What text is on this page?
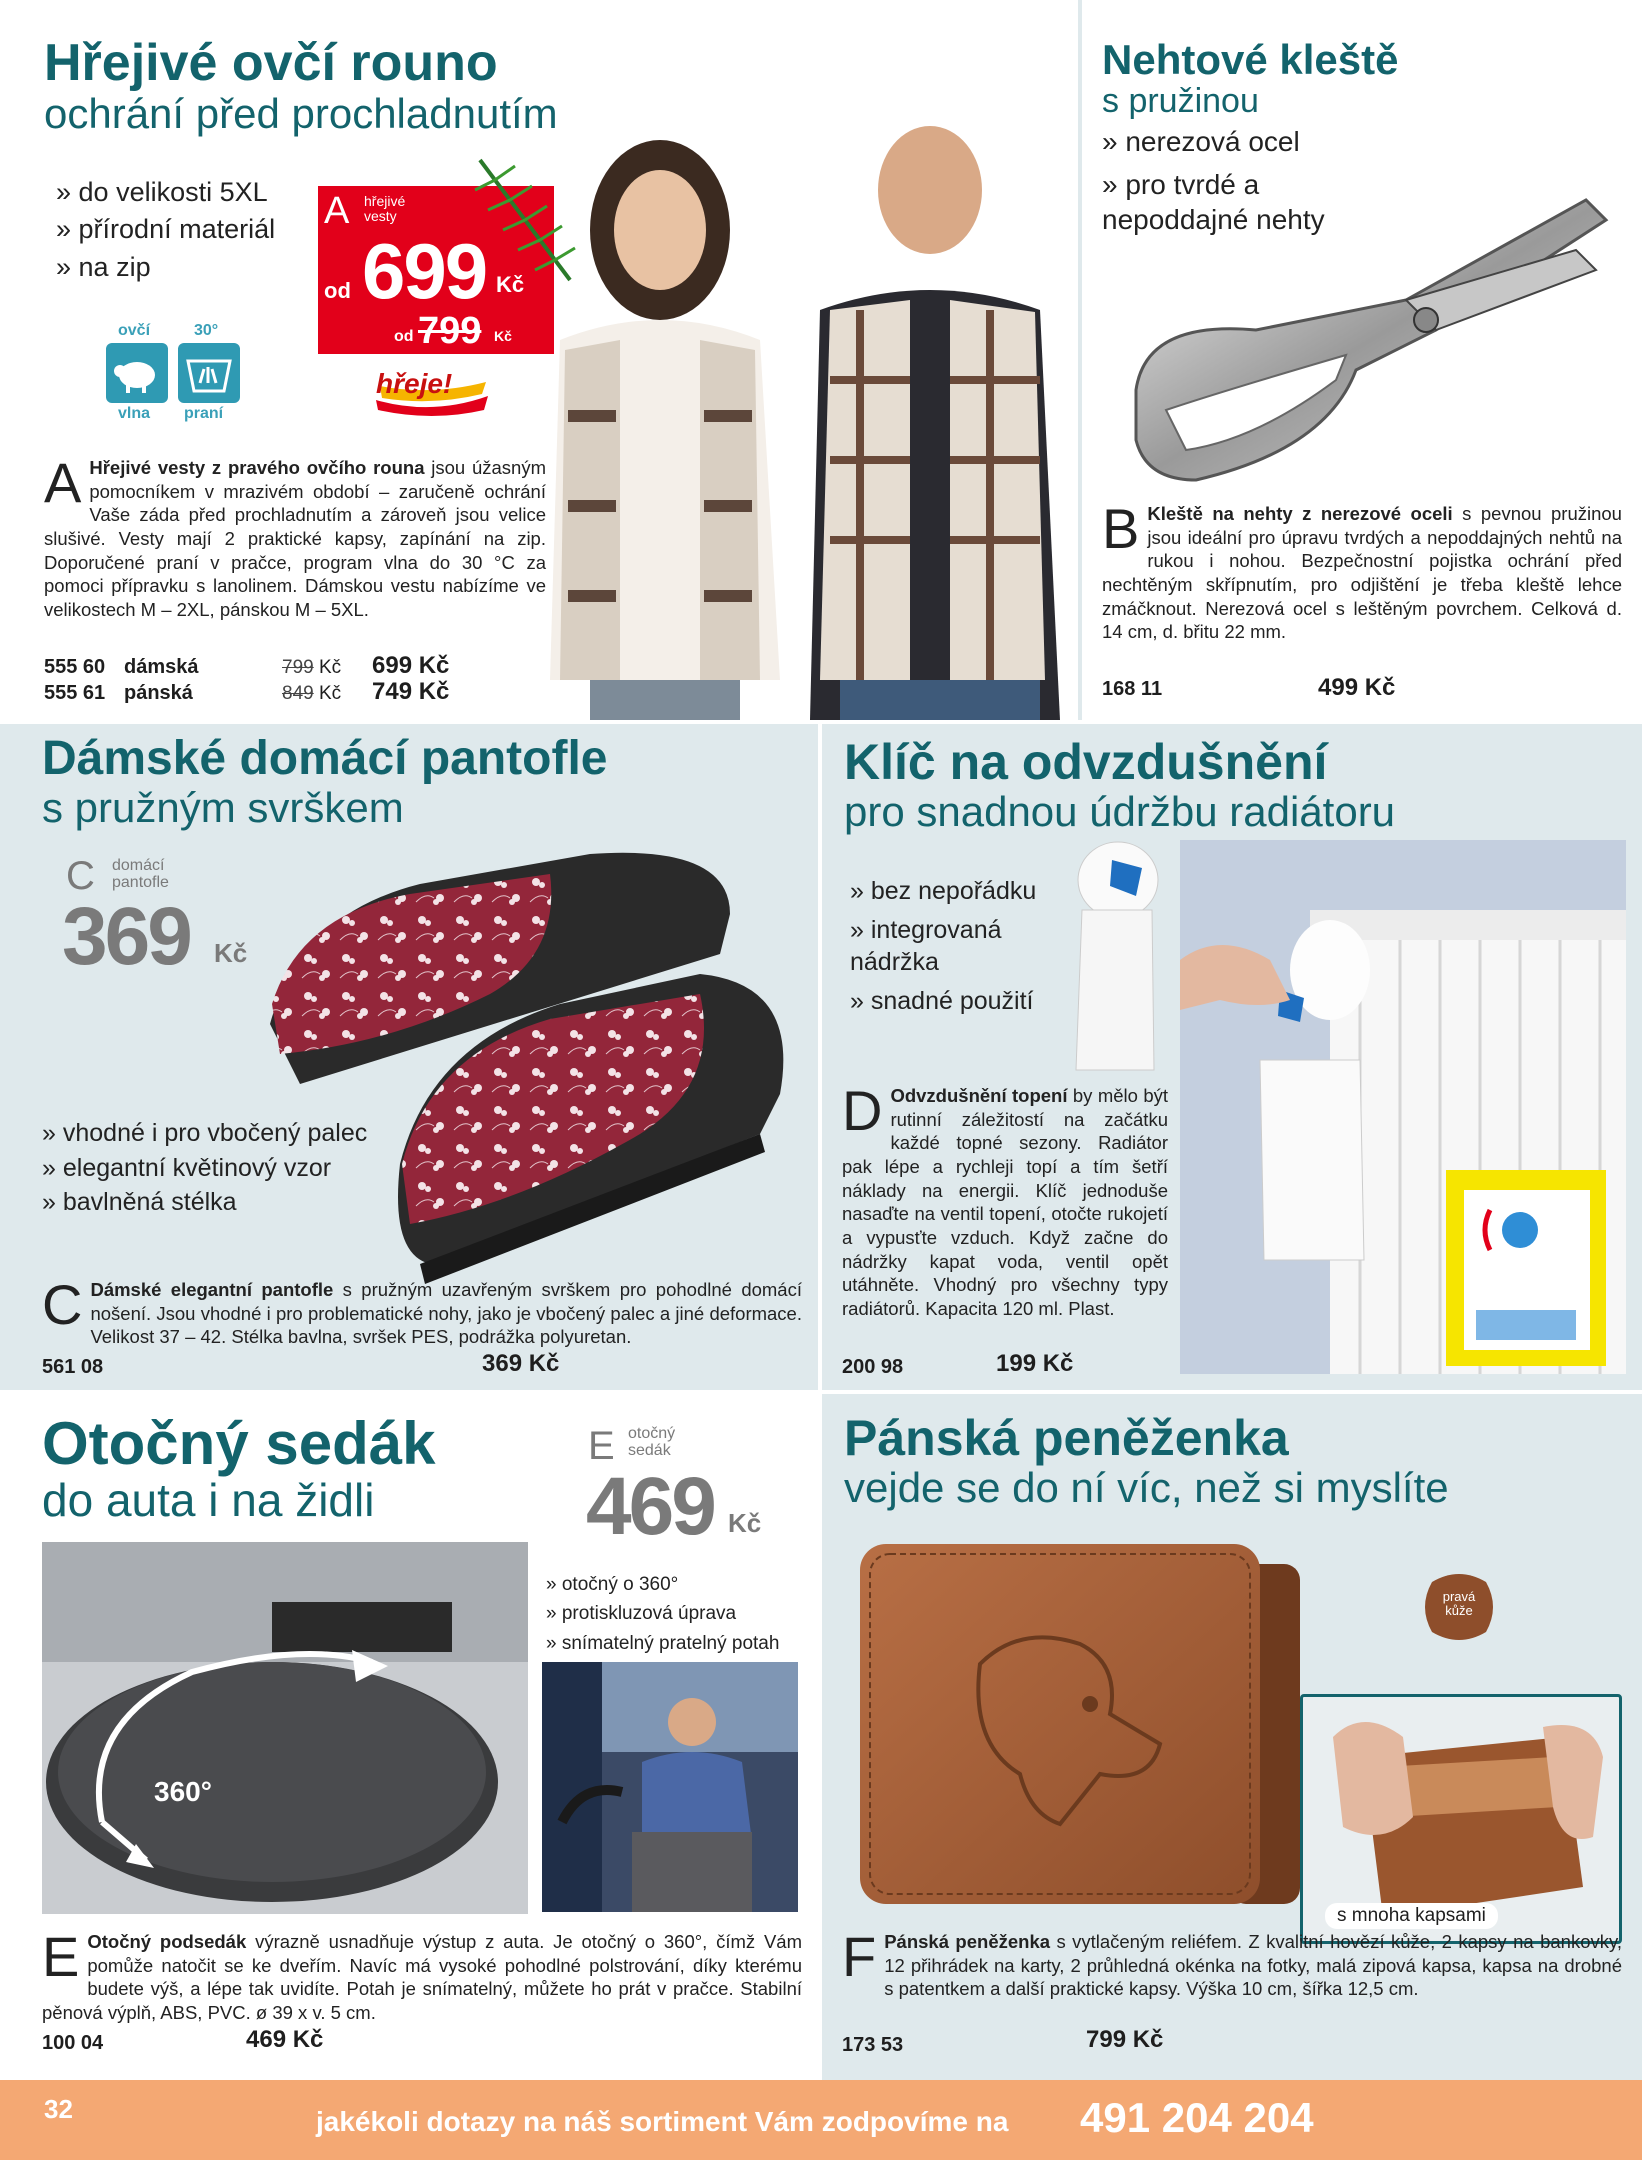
Hřejivé ovčí rouno
ochrání před prochladnutím
» do velikosti 5XL
» přírodní materiál
» na zip
ovčí
vlna
30°
praní
A hřejivé vesty
od 699 Kč
od 799 Kč
hřeje!
A Hřejivé vesty z pravého ovčího rouna jsou úžasným pomocníkem v mrazivém období – zaručeně ochrání Vaše záda před prochladnutím a zároveň jsou velice slušivé. Vesty mají 2 praktické kapsy, zapínání na zip. Doporučené praní v pračce, program vlna do 30 °C za pomoci přípravku s lanolinem. Dámskou vestu nabízíme ve velikostech M – 2XL, pánskou M – 5XL.
555 60 dámská	799 Kč	699 Kč
555 61 pánská	849 Kč	749 Kč
Nehtové kleště
s pružinou
» nerezová ocel
» pro tvrdé a nepoddajné nehty
B Kleště na nehty z nerezové oceli s pevnou pružinou jsou ideální pro úpravu tvrdých a nepoddajných nehtů na rukou i nohou. Bezpečnostní pojistka ochrání před nechtěným skřípnutím, pro odjištění je třeba kleště lehce zmáčknout. Nerezová ocel s leštěným povrchem. Celková d. 14 cm, d. břitu 22 mm.
168 11	499 Kč
Dámské domácí pantofle
s pružným svrškem
C domácí pantofle
369 Kč
» vhodné i pro vbočený palec
» elegantní květinový vzor
» bavlněná stélka
C Dámské elegantní pantofle s pružným uzavřeným svrškem pro pohodlné domácí nošení. Jsou vhodné i pro problematické nohy, jako je vbočený palec a jiné deformace. Velikost 37 – 42. Stélka bavlna, svršek PES, podrážka polyuretan.
561 08	369 Kč
Klíč na odvzdušnění
pro snadnou údržbu radiátoru
» bez nepořádku
» integrovaná nádržka
» snadné použití
D Odvzdušnění topení by mělo být rutinní záležitostí na začátku každé topné sezony. Radiátor pak lépe a rychleji topí a tím šetří náklady na energii. Klíč jednoduše nasaďte na ventil topení, otočte rukojetí a vypusťte vzduch. Když začne do nádržky kapat voda, ventil opět utáhněte. Vhodný pro všechny typy radiátorů. Kapacita 120 ml. Plast.
200 98	199 Kč
Otočný sedák
do auta i na židli
E otočný sedák
469 Kč
360°
» otočný o 360°
» protiskluzová úprava
» snímatelný pratelný potah
E Otočný podsedák výrazně usnadňuje výstup z auta. Je otočný o 360°, čímž Vám pomůže natočit se ke dveřím. Navíc má vysoké pohodlné polstrování, díky kterému budete výš, a lépe tak uvidíte. Potah je snímatelný, můžete ho prát v pračce. Stabilní pěnová výplň, ABS, PVC. ø 39 x v. 5 cm.
100 04	469 Kč
Pánská peněženka
vejde se do ní víc, než si myslíte
pravá kůže
s mnoha kapsami
F Pánská peněženka s vytlačeným reliéfem. Z kvalitní hovězí kůže, 2 kapsy na bankovky, 12 přihrádek na karty, 2 průhledná okénka na fotky, malá zipová kapsa, kapsa na drobné s patentkem a další praktické kapsy. Výška 10 cm, šířka 12,5 cm.
173 53	799 Kč
32	jakékoli dotazy na náš sortiment Vám zodpovíme na 491 204 204
